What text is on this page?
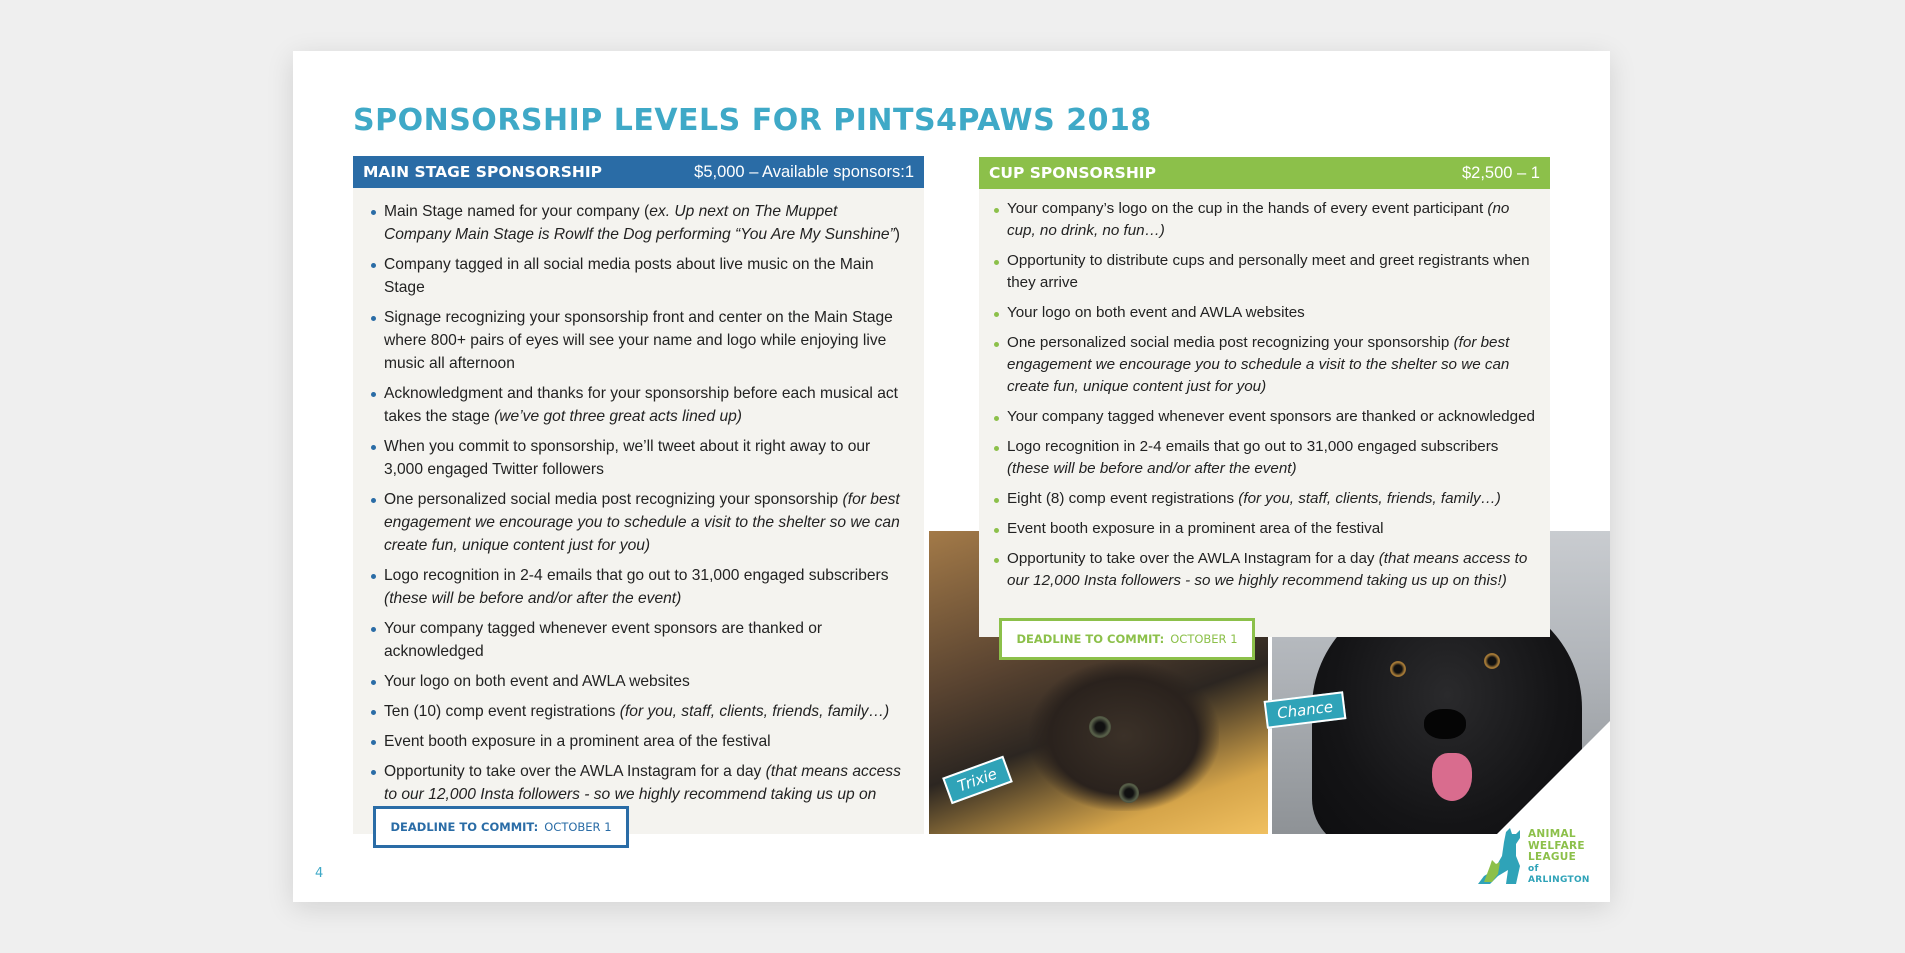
SPONSORSHIP LEVELS FOR PINTS4PAWS 2018
MAIN STAGE SPONSORSHIP	$5,000 – Available sponsors:1
Main Stage named for your company (ex. Up next on The Muppet Company Main Stage is Rowlf the Dog performing “You Are My Sunshine”)
Company tagged in all social media posts about live music on the Main Stage
Signage recognizing your sponsorship front and center on the Main Stage where 800+ pairs of eyes will see your name and logo while enjoying live music all afternoon
Acknowledgment and thanks for your sponsorship before each musical act takes the stage (we’ve got three great acts lined up)
When you commit to sponsorship, we’ll tweet about it right away to our 3,000 engaged Twitter followers
One personalized social media post recognizing your sponsorship (for best engagement we encourage you to schedule a visit to the shelter so we can create fun, unique content just for you)
Logo recognition in 2-4 emails that go out to 31,000 engaged subscribers (these will be before and/or after the event)
Your company tagged whenever event sponsors are thanked or acknowledged
Your logo on both event and AWLA websites
Ten (10) comp event registrations (for you, staff, clients, friends, family…)
Event booth exposure in a prominent area of the festival
Opportunity to take over the AWLA Instagram for a day (that means access to our 12,000 Insta followers - so we highly recommend taking us up on
DEADLINE TO COMMIT: OCTOBER 1
Trixie
Chance
CUP SPONSORSHIP	$2,500 – 1
Your company’s logo on the cup in the hands of every event participant (no cup, no drink, no fun…)
Opportunity to distribute cups and personally meet and greet registrants when they arrive
Your logo on both event and AWLA websites
One personalized social media post recognizing your sponsorship (for best engagement we encourage you to schedule a visit to the shelter so we can create fun, unique content just for you)
Your company tagged whenever event sponsors are thanked or acknowledged
Logo recognition in 2-4 emails that go out to 31,000 engaged subscribers (these will be before and/or after the event)
Eight (8) comp event registrations (for you, staff, clients, friends, family…)
Event booth exposure in a prominent area of the festival
Opportunity to take over the AWLA Instagram for a day (that means access to our 12,000 Insta followers - so we highly recommend taking us up on this!)
DEADLINE TO COMMIT: OCTOBER 1
ANIMAL
WELFARE
LEAGUE
of ARLINGTON
4
